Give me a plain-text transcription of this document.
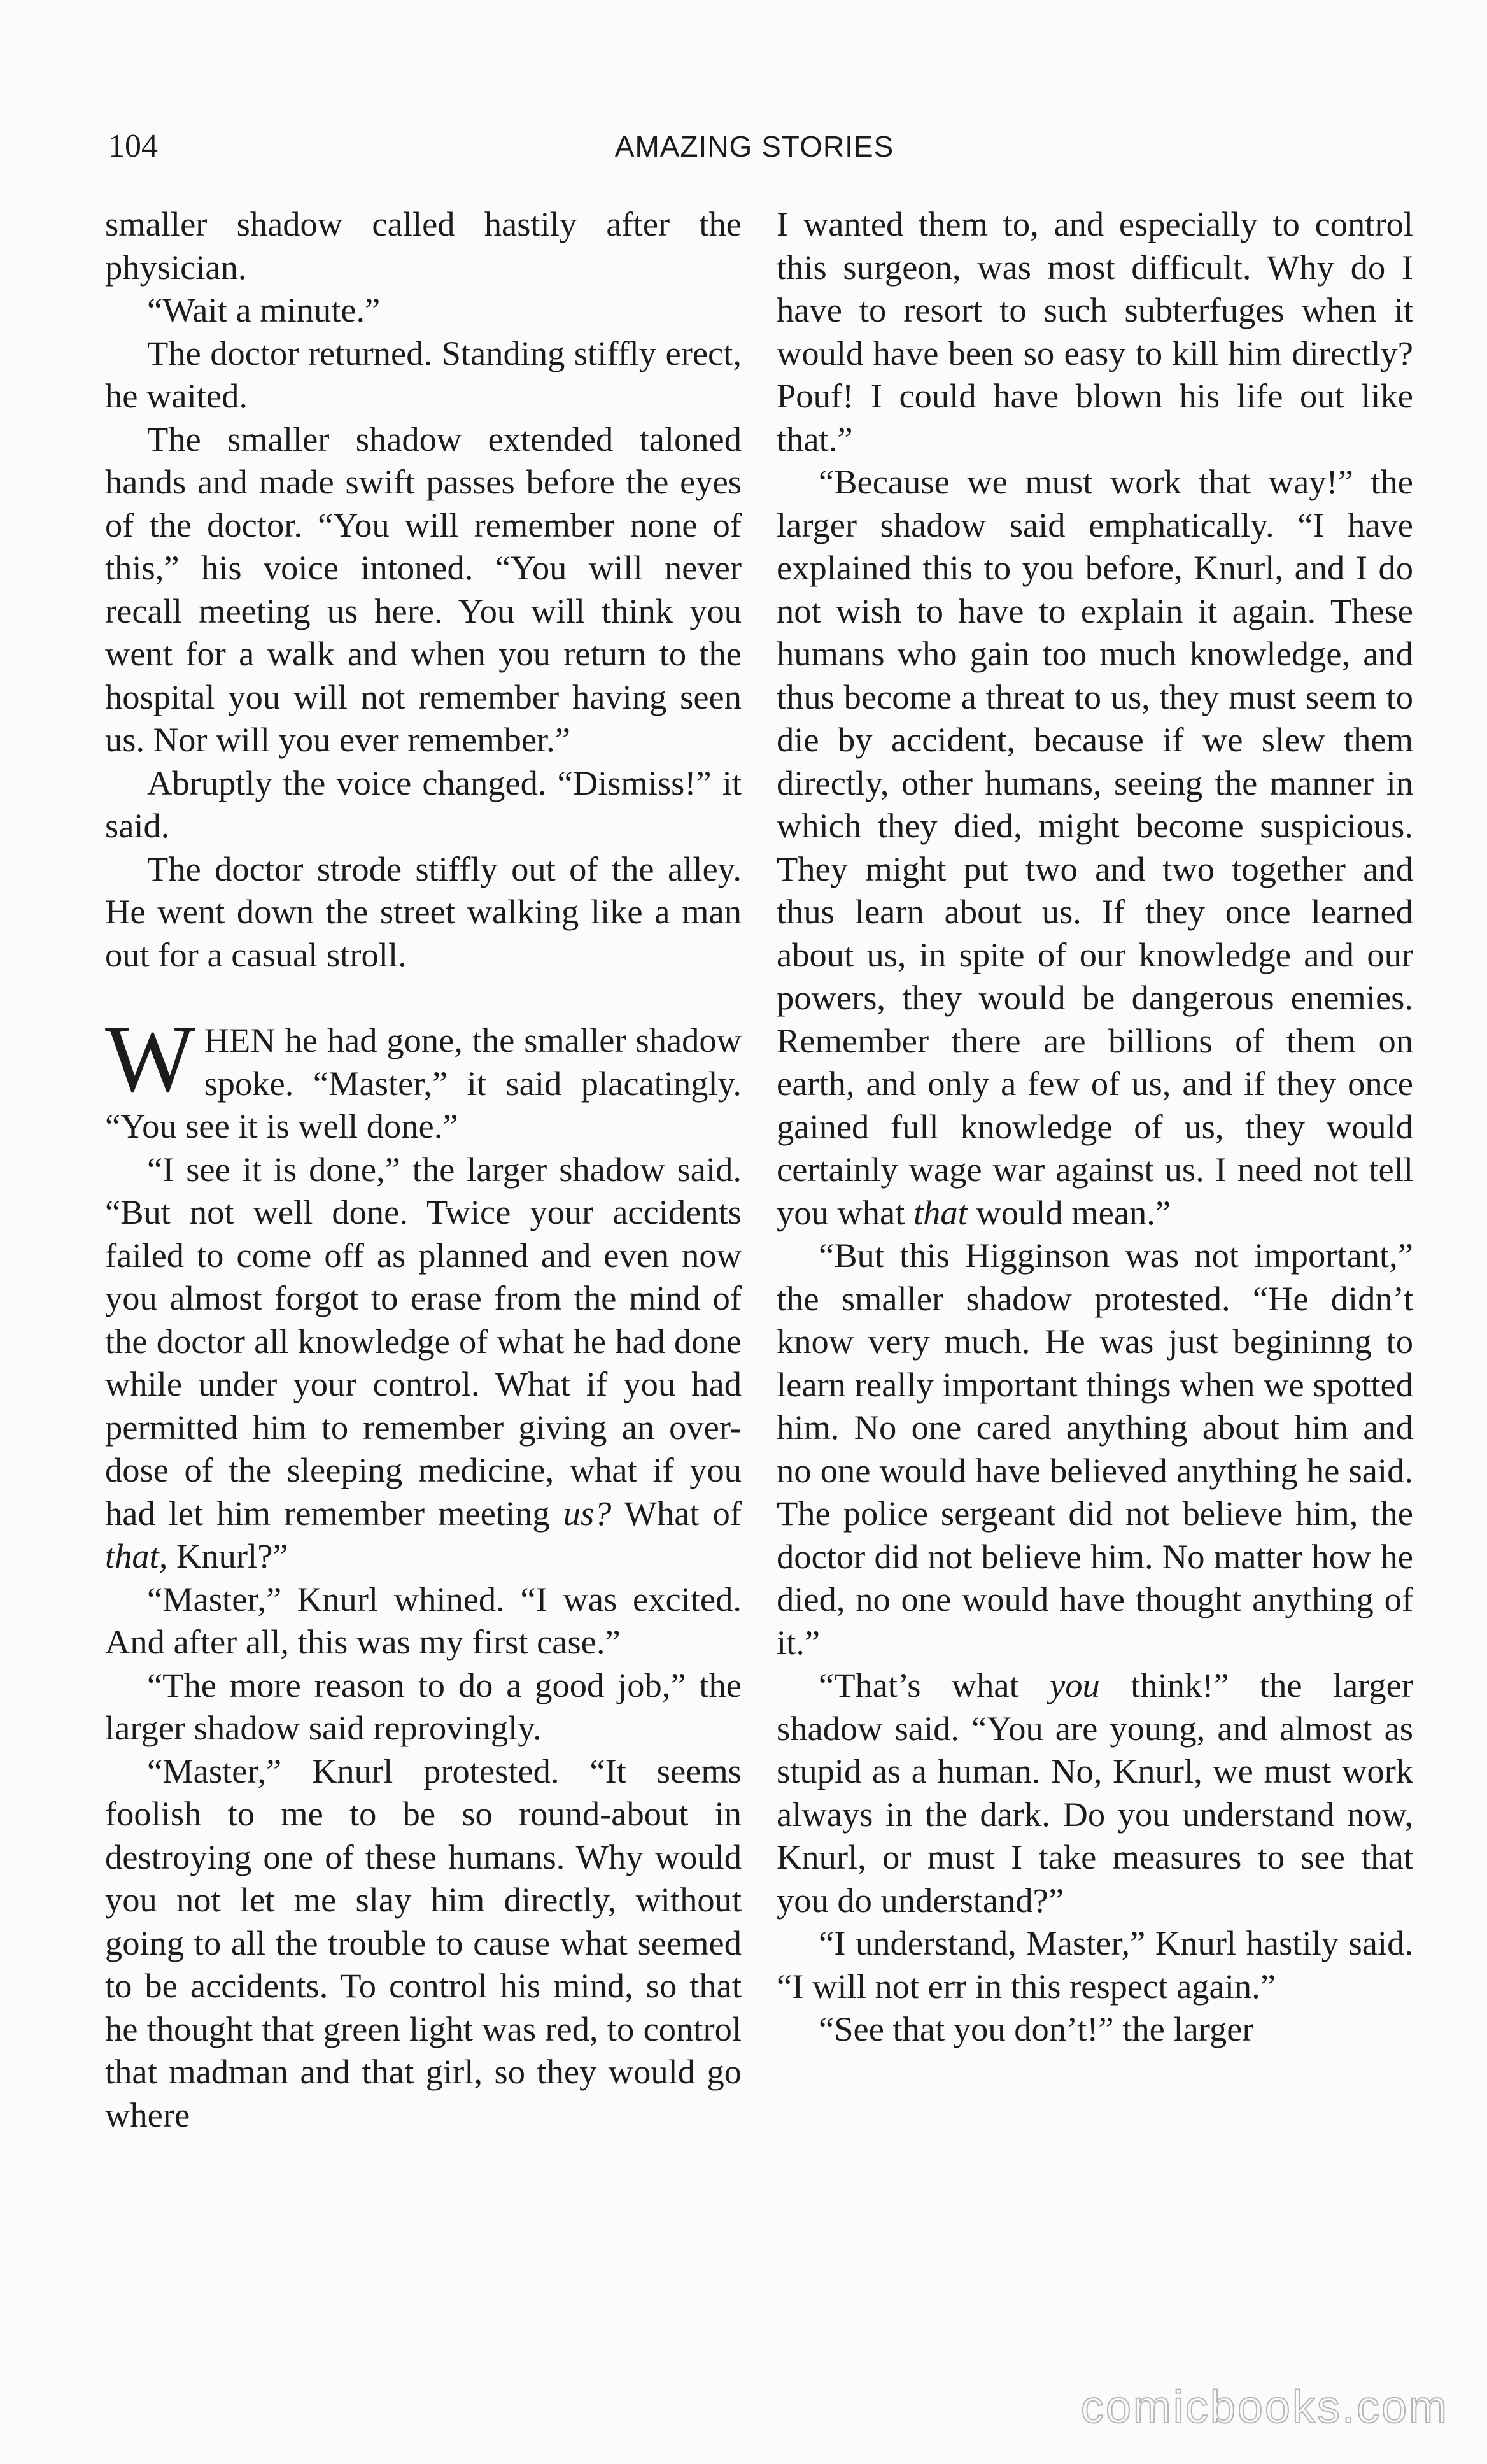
104	AMAZING STORIES

smaller shadow called hastily after the physician.

“Wait a minute.”

The doctor returned. Standing stiffly erect, he waited.

The smaller shadow extended taloned hands and made swift passes before the eyes of the doctor. “You will remember none of this,” his voice intoned. “You will never recall meeting us here. You will think you went for a walk and when you return to the hospital you will not remember having seen us. Nor will you ever remember.”

Abruptly the voice changed. “Dismiss!” it said.

The doctor strode stiffly out of the alley. He went down the street walking like a man out for a casual stroll.

WHEN he had gone, the smaller shadow spoke. “Master,” it said placatingly. “You see it is well done.”

“I see it is done,” the larger shadow said. “But not well done. Twice your accidents failed to come off as planned and even now you almost forgot to erase from the mind of the doctor all knowledge of what he had done while under your control. What if you had permitted him to remember giving an over-dose of the sleeping medicine, what if you had let him remember meeting us? What of that, Knurl?”

“Master,” Knurl whined. “I was excited. And after all, this was my first case.”

“The more reason to do a good job,” the larger shadow said reprovingly.

“Master,” Knurl protested. “It seems foolish to me to be so round-about in destroying one of these humans. Why would you not let me slay him directly, without going to all the trouble to cause what seemed to be accidents. To control his mind, so that he thought that green light was red, to control that madman and that girl, so they would go where

I wanted them to, and especially to control this surgeon, was most difficult. Why do I have to resort to such subterfuges when it would have been so easy to kill him directly? Pouf! I could have blown his life out like that.”

“Because we must work that way!” the larger shadow said emphatically. “I have explained this to you before, Knurl, and I do not wish to have to explain it again. These humans who gain too much knowledge, and thus become a threat to us, they must seem to die by accident, because if we slew them directly, other humans, seeing the manner in which they died, might become suspicious. They might put two and two together and thus learn about us. If they once learned about us, in spite of our knowledge and our powers, they would be dangerous enemies. Remember there are billions of them on earth, and only a few of us, and if they once gained full knowledge of us, they would certainly wage war against us. I need not tell you what that would mean.”

“But this Higginson was not important,” the smaller shadow protested. “He didn’t know very much. He was just begininng to learn really important things when we spotted him. No one cared anything about him and no one would have believed anything he said. The police sergeant did not believe him, the doctor did not believe him. No matter how he died, no one would have thought anything of it.”

“That’s what you think!” the larger shadow said. “You are young, and almost as stupid as a human. No, Knurl, we must work always in the dark. Do you understand now, Knurl, or must I take measures to see that you do understand?”

“I understand, Master,” Knurl hastily said. “I will not err in this respect again.”

“See that you don’t!” the larger

comicbooks.com
